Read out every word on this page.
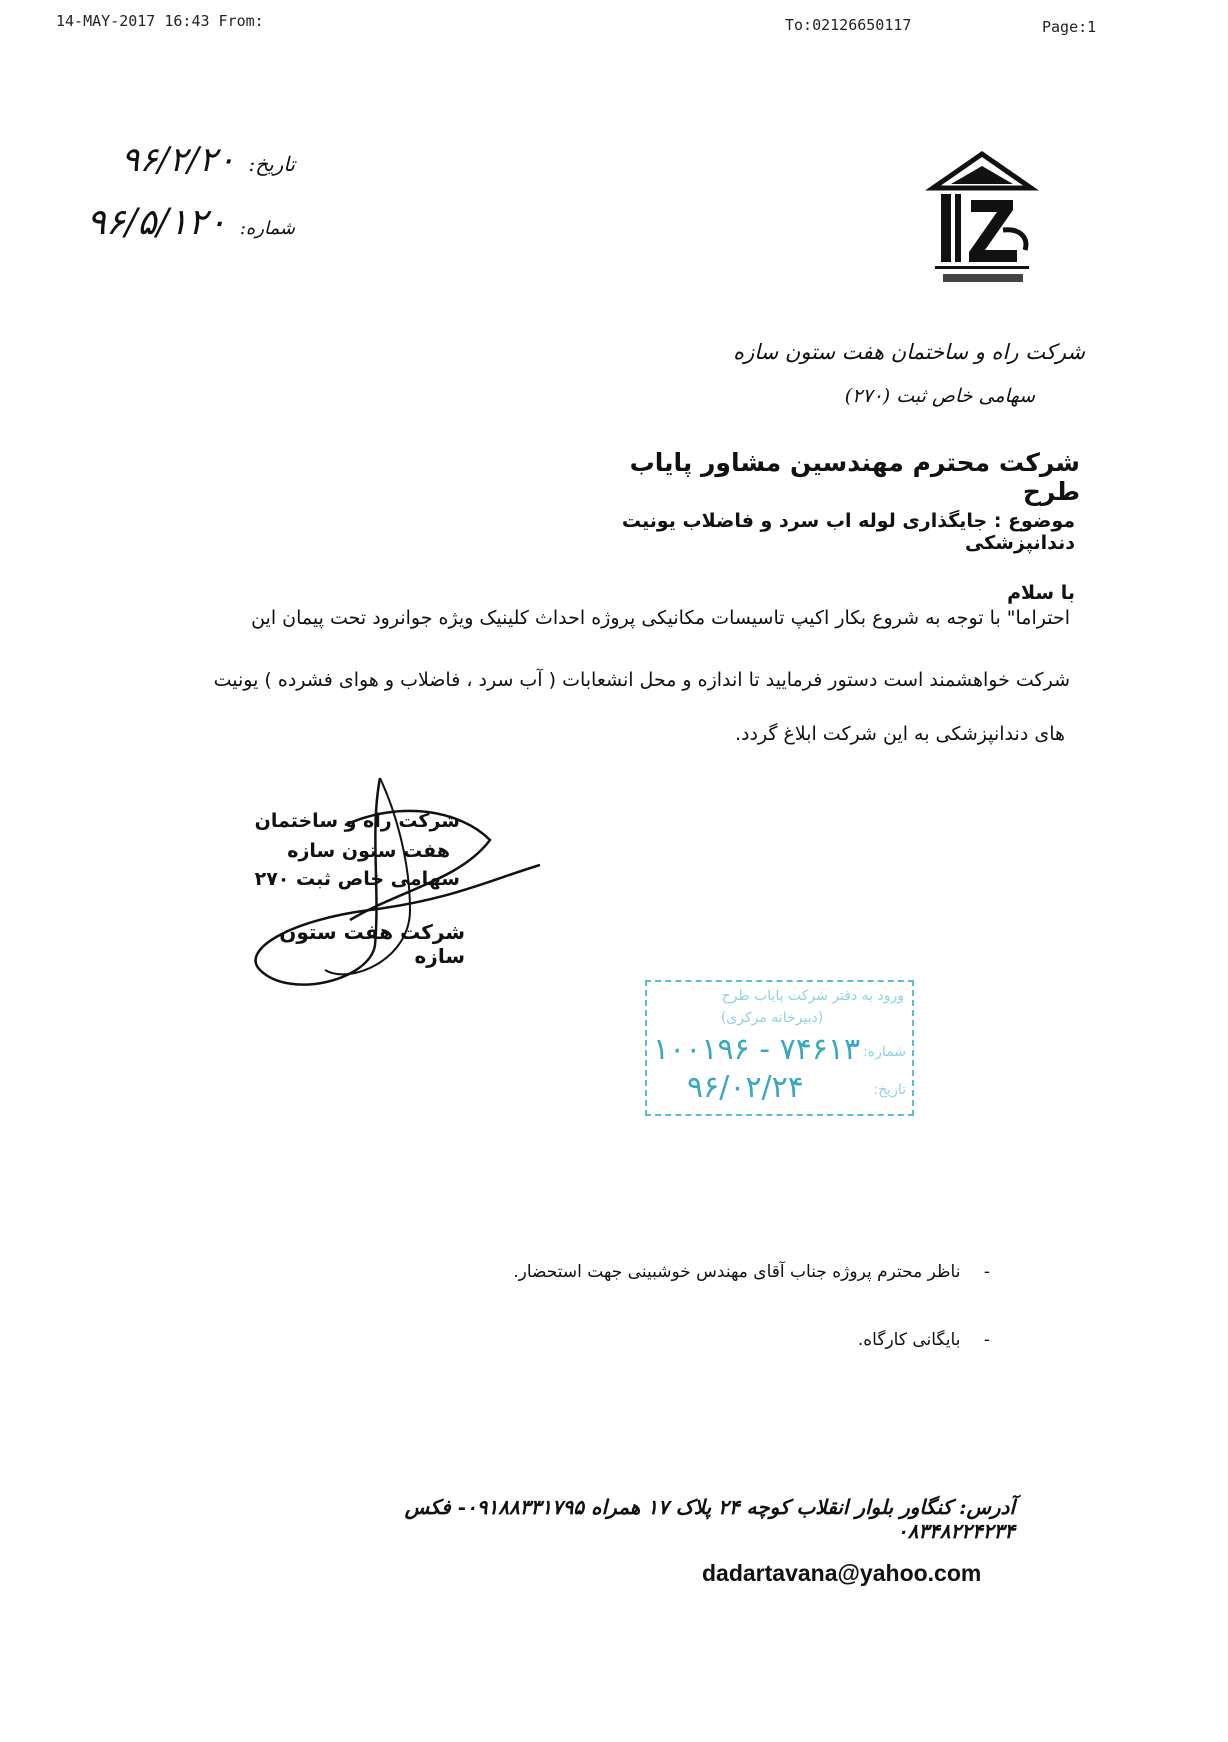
14-MAY-2017 16:43 From:	To:02126650117	Page:1
تاریخ: ۹۶/۲/۲۰
شماره: ۹۶/۵/۱۲۰
شرکت راه و ساختمان هفت ستون سازه
سهامی خاص ثبت (۲۷۰)
شرکت محترم مهندسین مشاور پایاب طرح
موضوع : جایگذاری لوله اب سرد و فاضلاب یونیت دندانپزشکی
با سلام
احتراما" با توجه به شروع بکار اکیپ تاسیسات مکانیکی پروژه احداث کلینیک ویژه جوانرود تحت پیمان این
شرکت خواهشمند است دستور فرمایید تا اندازه و محل انشعابات ( آب سرد ، فاضلاب و هوای فشرده ) یونیت
های دندانپزشکی به این شرکت ابلاغ گردد.
شرکت راه و ساختمان
هفت ستون سازه
سهامی خاص ثبت ۲۷۰
شرکت هفت ستون سازه
ورود به دفتر شرکت پایاب طرح
(دبیرخانه مرکزی)
شماره:
۱۰۰۱۹۶ - ۷۴۶۱۳
تاریخ:
۹۶/۰۲/۲۴
- ناظر محترم پروژه جناب آقای مهندس خوشبینی جهت استحضار.
- بایگانی کارگاه.
آدرس: کنگاور بلوار انقلاب کوچه ۲۴ پلاک ۱۷ همراه ۰۹۱۸۸۳۳۱۷۹۵- فکس ۰۸۳۴۸۲۲۴۲۳۴
dadartavana@yahoo.com
